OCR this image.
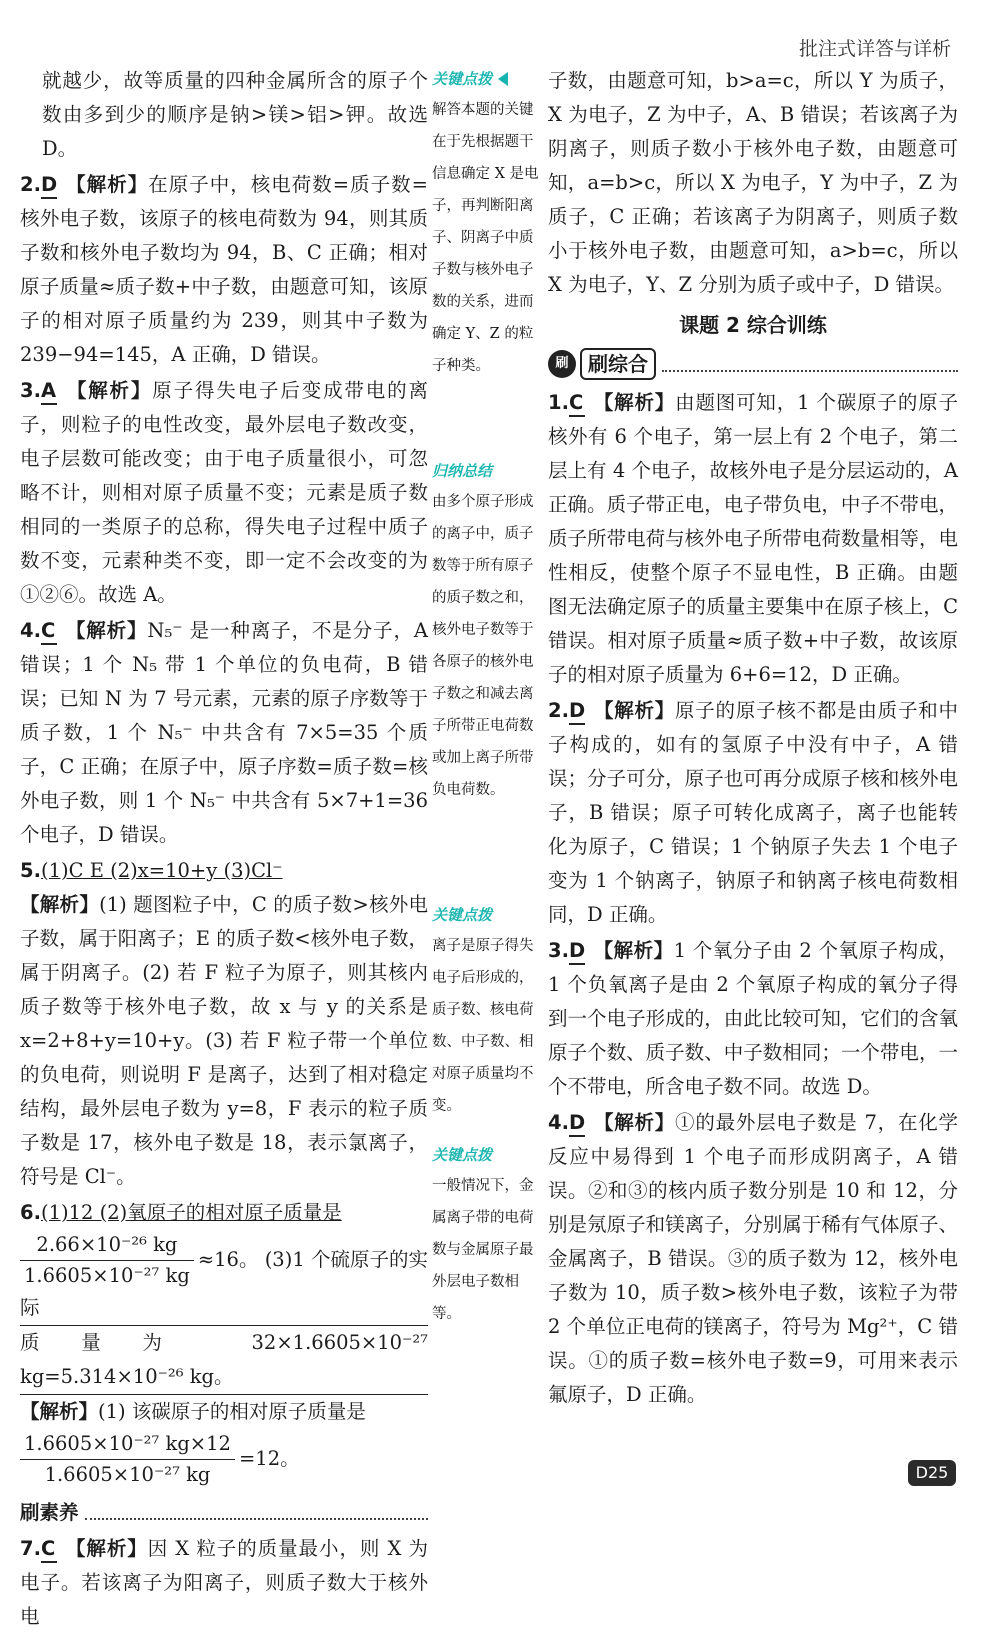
批注式详答与详析

就越少，故等质量的四种金属所含的原子个数由多到少的顺序是钠>镁>铝>钾。故选 D。

2.D 【解析】在原子中，核电荷数=质子数=核外电子数，该原子的核电荷数为 94，则其质子数和核外电子数均为 94，B、C 正确；相对原子质量≈质子数+中子数，由题意可知，该原子的相对原子质量约为 239，则其中子数为 239−94=145，A 正确，D 错误。

3.A 【解析】原子得失电子后变成带电的离子，则粒子的电性改变，最外层电子数改变，电子层数可能改变；由于电子质量很小，可忽略不计，则相对原子质量不变；元素是质子数相同的一类原子的总称，得失电子过程中质子数不变，元素种类不变，即一定不会改变的为①②⑥。故选 A。

4.C 【解析】N₅⁻ 是一种离子，不是分子，A 错误；1 个 N₅ 带 1 个单位的负电荷，B 错误；已知 N 为 7 号元素，元素的原子序数等于质子数，1 个 N₅⁻ 中共含有 7×5=35 个质子，C 正确；在原子中，原子序数=质子数=核外电子数，则 1 个 N₅⁻ 中共含有 5×7+1=36 个电子，D 错误。

5.(1)C E (2)x=10+y (3)Cl⁻
【解析】(1) 题图粒子中，C 的质子数>核外电子数，属于阳离子；E 的质子数<核外电子数，属于阴离子。(2) 若 F 粒子为原子，则其核内质子数等于核外电子数，故 x 与 y 的关系是 x=2+8+y=10+y。(3) 若 F 粒子带一个单位的负电荷，则说明 F 是离子，达到了相对稳定结构，最外层电子数为 y=8，F 表示的粒子质子数是 17，核外电子数是 18，表示氯离子，符号是 Cl⁻。

6.(1)12 (2)氧原子的相对原子质量是

$\frac{\text{2.66×10⁻²⁶ kg}}{\text{1.6605×10⁻²⁷ kg}} \approx 16$。 (3)1 个硫原子的实际

质量为 32×1.6605×10⁻²⁷ kg=5.314×10⁻²⁶ kg。

【解析】(1) 该碳原子的相对原子质量是

$\frac{\text{1.6605×10⁻²⁷ kg×12}}{\text{1.6605×10⁻²⁷ kg}} =12$。

刷素养

7.C 【解析】因 X 粒子的质量最小，则 X 为电子。若该离子为阳离子，则质子数大于核外电

关键点拨
解答本题的关键在于先根据题干信息确定 X 是电子，再判断阳离子、阴离子中质子数与核外电子数的关系，进而确定 Y、Z 的粒子种类。
归纳总结
由多个原子形成的离子中，质子数等于所有原子的质子数之和，核外电子数等于各原子的核外电子数之和减去离子所带正电荷数或加上离子所带负电荷数。
关键点拨
离子是原子得失电子后形成的，质子数、核电荷数、中子数、相对原子质量均不变。
关键点拨
一般情况下，金属离子带的电荷数与金属原子最外层电子数相等。

子数，由题意可知，b>a=c，所以 Y 为质子，X 为电子，Z 为中子，A、B 错误；若该离子为阴离子，则质子数小于核外电子数，由题意可知，a=b>c，所以 X 为电子，Y 为中子，Z 为质子，C 正确；若该离子为阴离子，则质子数小于核外电子数，由题意可知，a>b=c，所以 X 为电子，Y、Z 分别为质子或中子，D 错误。

课题 2 综合训练
刷 刷综合

1.C 【解析】由题图可知，1 个碳原子的原子核外有 6 个电子，第一层上有 2 个电子，第二层上有 4 个电子，故核外电子是分层运动的，A 正确。质子带正电，电子带负电，中子不带电，质子所带电荷与核外电子所带电荷数量相等，电性相反，使整个原子不显电性，B 正确。由题图无法确定原子的质量主要集中在原子核上，C 错误。相对原子质量≈质子数+中子数，故该原子的相对原子质量为 6+6=12，D 正确。

2.D 【解析】原子的原子核不都是由质子和中子构成的，如有的氢原子中没有中子，A 错误；分子可分，原子也可再分成原子核和核外电子，B 错误；原子可转化成离子，离子也能转化为原子，C 错误；1 个钠原子失去 1 个电子变为 1 个钠离子，钠原子和钠离子核电荷数相同，D 正确。

3.D 【解析】1 个氧分子由 2 个氧原子构成，1 个负氧离子是由 2 个氧原子构成的氧分子得到一个电子形成的，由此比较可知，它们的含氧原子个数、质子数、中子数相同；一个带电，一个不带电，所含电子数不同。故选 D。

4.D 【解析】①的最外层电子数是 7，在化学反应中易得到 1 个电子而形成阴离子，A 错误。②和③的核内质子数分别是 10 和 12，分别是氖原子和镁离子，分别属于稀有气体原子、金属离子，B 错误。③的质子数为 12，核外电子数为 10，质子数>核外电子数，该粒子为带 2 个单位正电荷的镁离子，符号为 Mg²⁺，C 错误。①的质子数=核外电子数=9，可用来表示氟原子，D 正确。

D25
